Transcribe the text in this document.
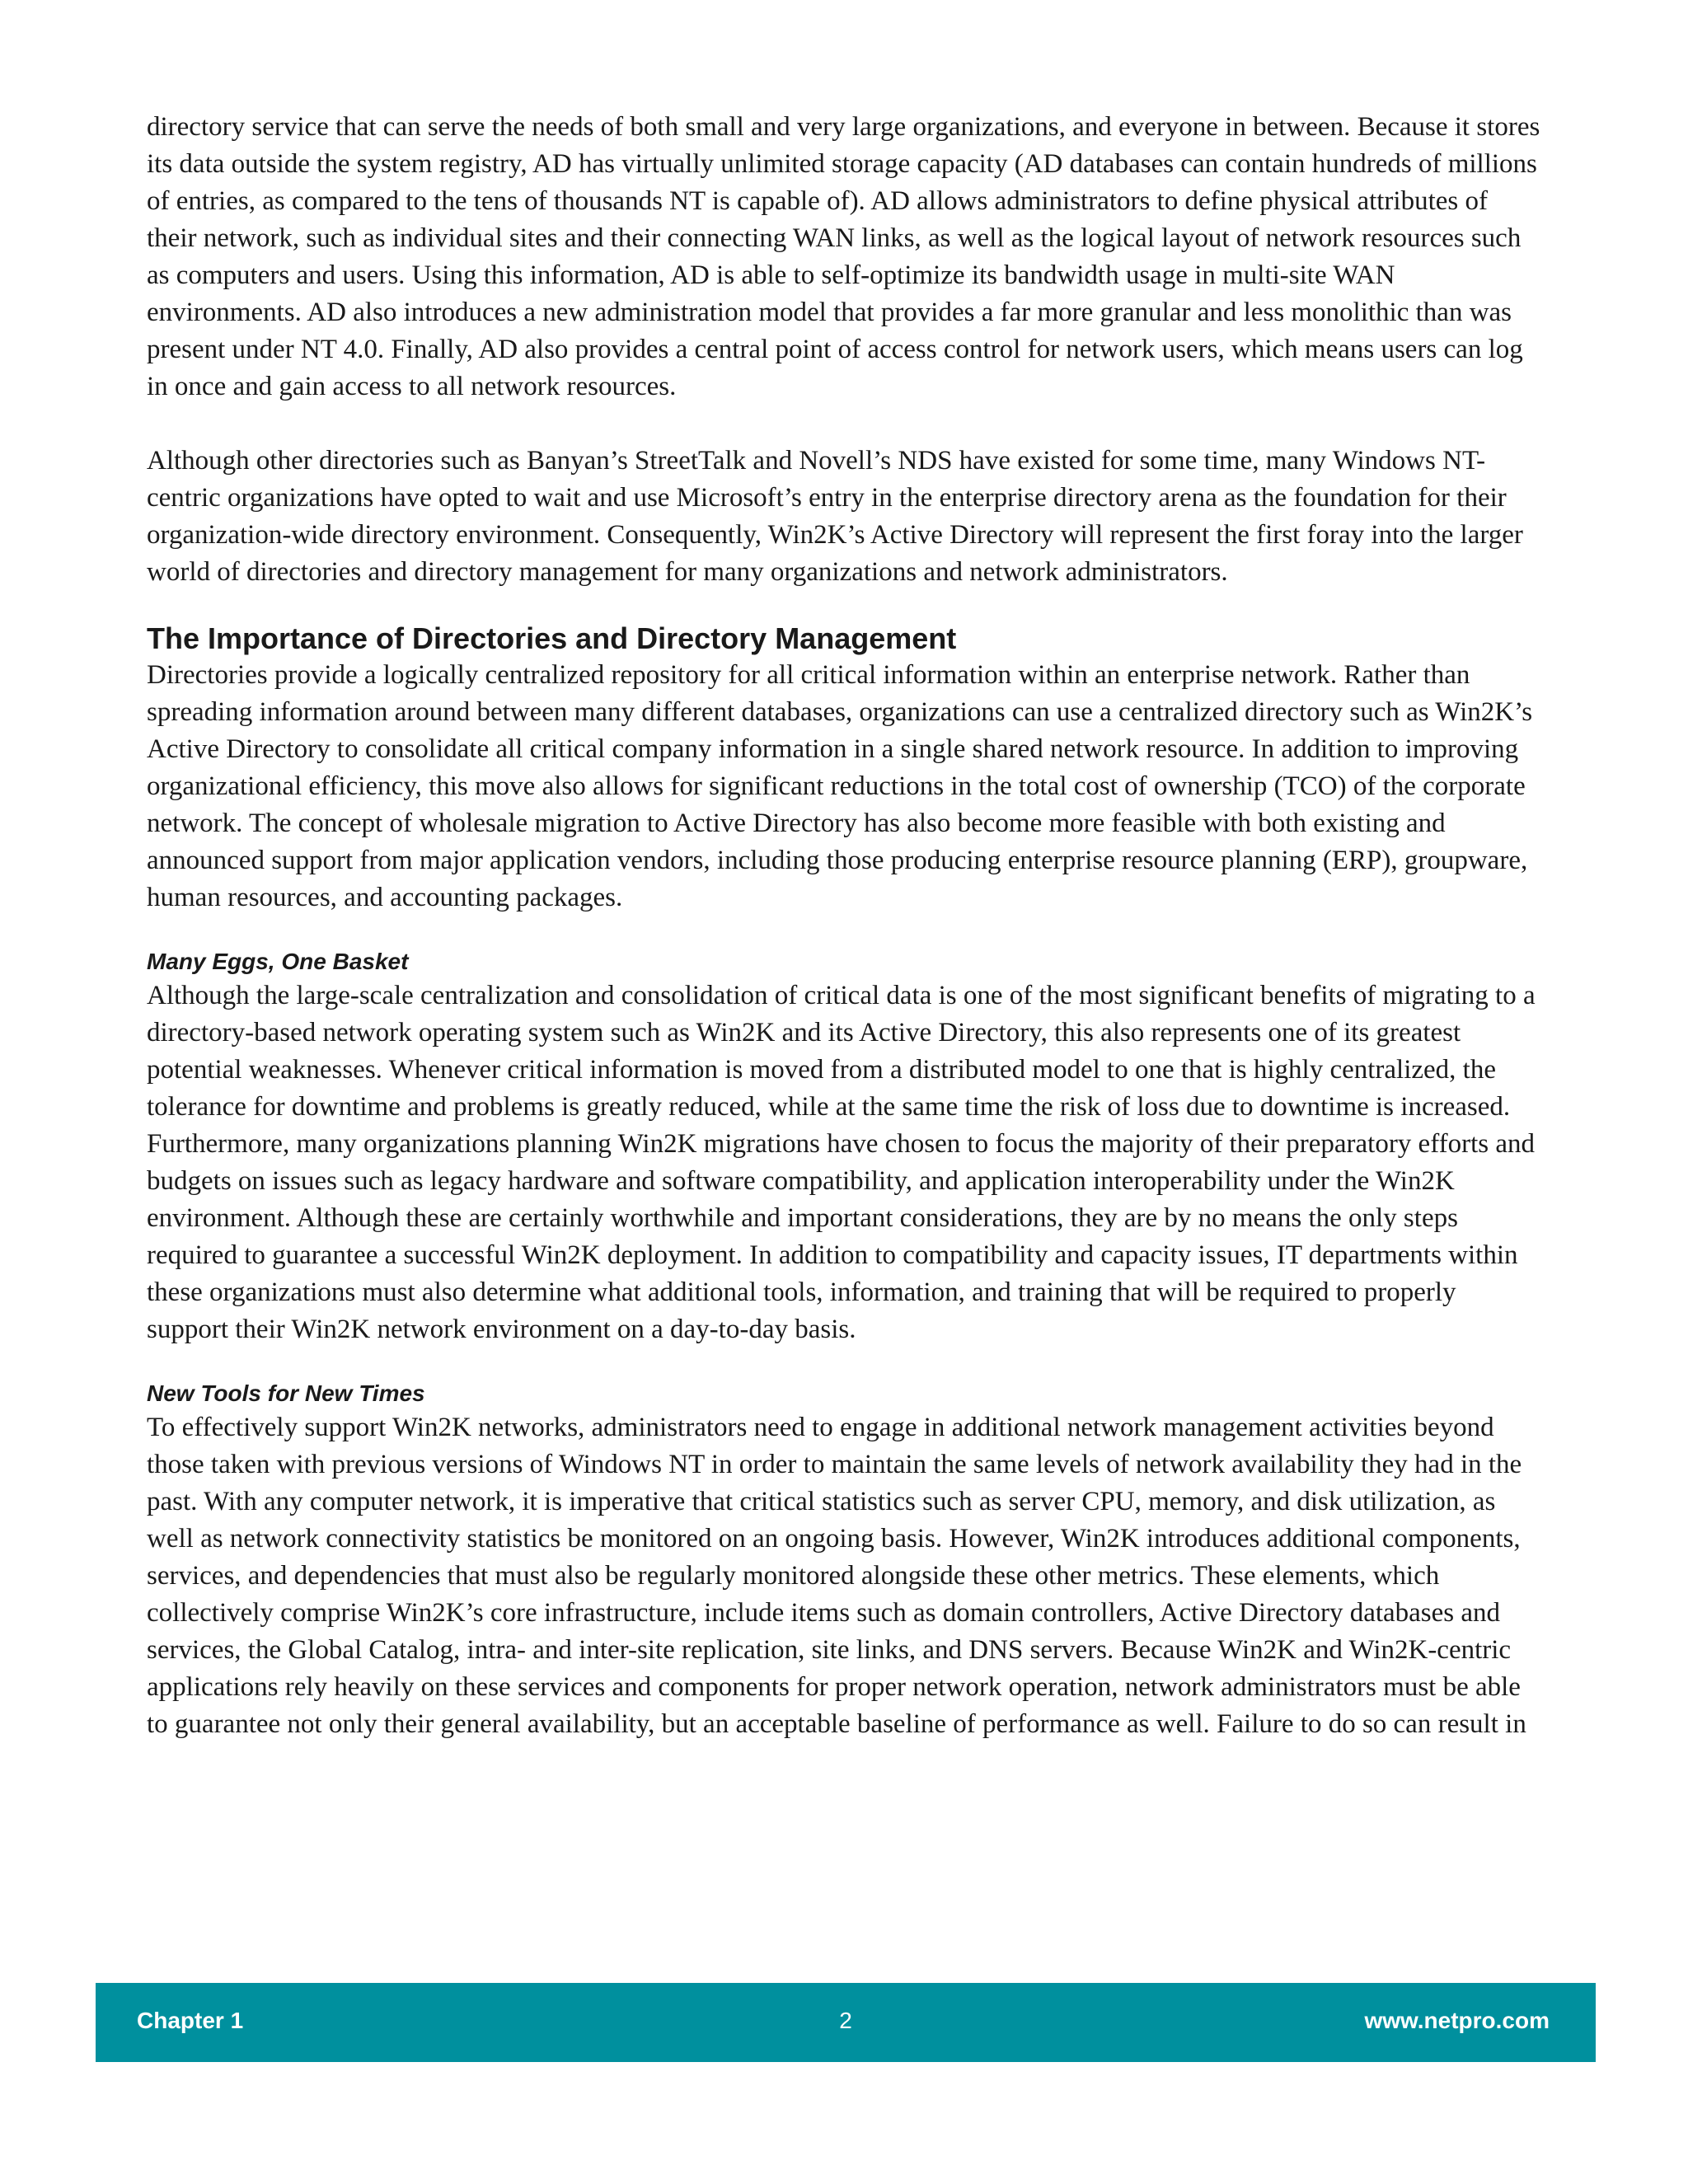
directory service that can serve the needs of both small and very large organizations, and everyone in between. Because it stores its data outside the system registry, AD has virtually unlimited storage capacity (AD databases can contain hundreds of millions of entries, as compared to the tens of thousands NT is capable of). AD allows administrators to define physical attributes of their network, such as individual sites and their connecting WAN links, as well as the logical layout of network resources such as computers and users. Using this information, AD is able to self-optimize its bandwidth usage in multi-site WAN environments. AD also introduces a new administration model that provides a far more granular and less monolithic than was present under NT 4.0. Finally, AD also provides a central point of access control for network users, which means users can log in once and gain access to all network resources.

Although other directories such as Banyan’s StreetTalk and Novell’s NDS have existed for some time, many Windows NT-centric organizations have opted to wait and use Microsoft’s entry in the enterprise directory arena as the foundation for their organization-wide directory environment. Consequently, Win2K’s Active Directory will represent the first foray into the larger world of directories and directory management for many organizations and network administrators.

The Importance of Directories and Directory Management

Directories provide a logically centralized repository for all critical information within an enterprise network. Rather than spreading information around between many different databases, organizations can use a centralized directory such as Win2K’s Active Directory to consolidate all critical company information in a single shared network resource. In addition to improving organizational efficiency, this move also allows for significant reductions in the total cost of ownership (TCO) of the corporate network. The concept of wholesale migration to Active Directory has also become more feasible with both existing and announced support from major application vendors, including those producing enterprise resource planning (ERP), groupware, human resources, and accounting packages.

Many Eggs, One Basket

Although the large-scale centralization and consolidation of critical data is one of the most significant benefits of migrating to a directory-based network operating system such as Win2K and its Active Directory, this also represents one of its greatest potential weaknesses. Whenever critical information is moved from a distributed model to one that is highly centralized, the tolerance for downtime and problems is greatly reduced, while at the same time the risk of loss due to downtime is increased. Furthermore, many organizations planning Win2K migrations have chosen to focus the majority of their preparatory efforts and budgets on issues such as legacy hardware and software compatibility, and application interoperability under the Win2K environment. Although these are certainly worthwhile and important considerations, they are by no means the only steps required to guarantee a successful Win2K deployment. In addition to compatibility and capacity issues, IT departments within these organizations must also determine what additional tools, information, and training that will be required to properly support their Win2K network environment on a day-to-day basis.

New Tools for New Times

To effectively support Win2K networks, administrators need to engage in additional network management activities beyond those taken with previous versions of Windows NT in order to maintain the same levels of network availability they had in the past. With any computer network, it is imperative that critical statistics such as server CPU, memory, and disk utilization, as well as network connectivity statistics be monitored on an ongoing basis. However, Win2K introduces additional components, services, and dependencies that must also be regularly monitored alongside these other metrics. These elements, which collectively comprise Win2K’s core infrastructure, include items such as domain controllers, Active Directory databases and services, the Global Catalog, intra- and inter-site replication, site links, and DNS servers. Because Win2K and Win2K-centric applications rely heavily on these services and components for proper network operation, network administrators must be able to guarantee not only their general availability, but an acceptable baseline of performance as well. Failure to do so can result in

Chapter 1	2	www.netpro.com
